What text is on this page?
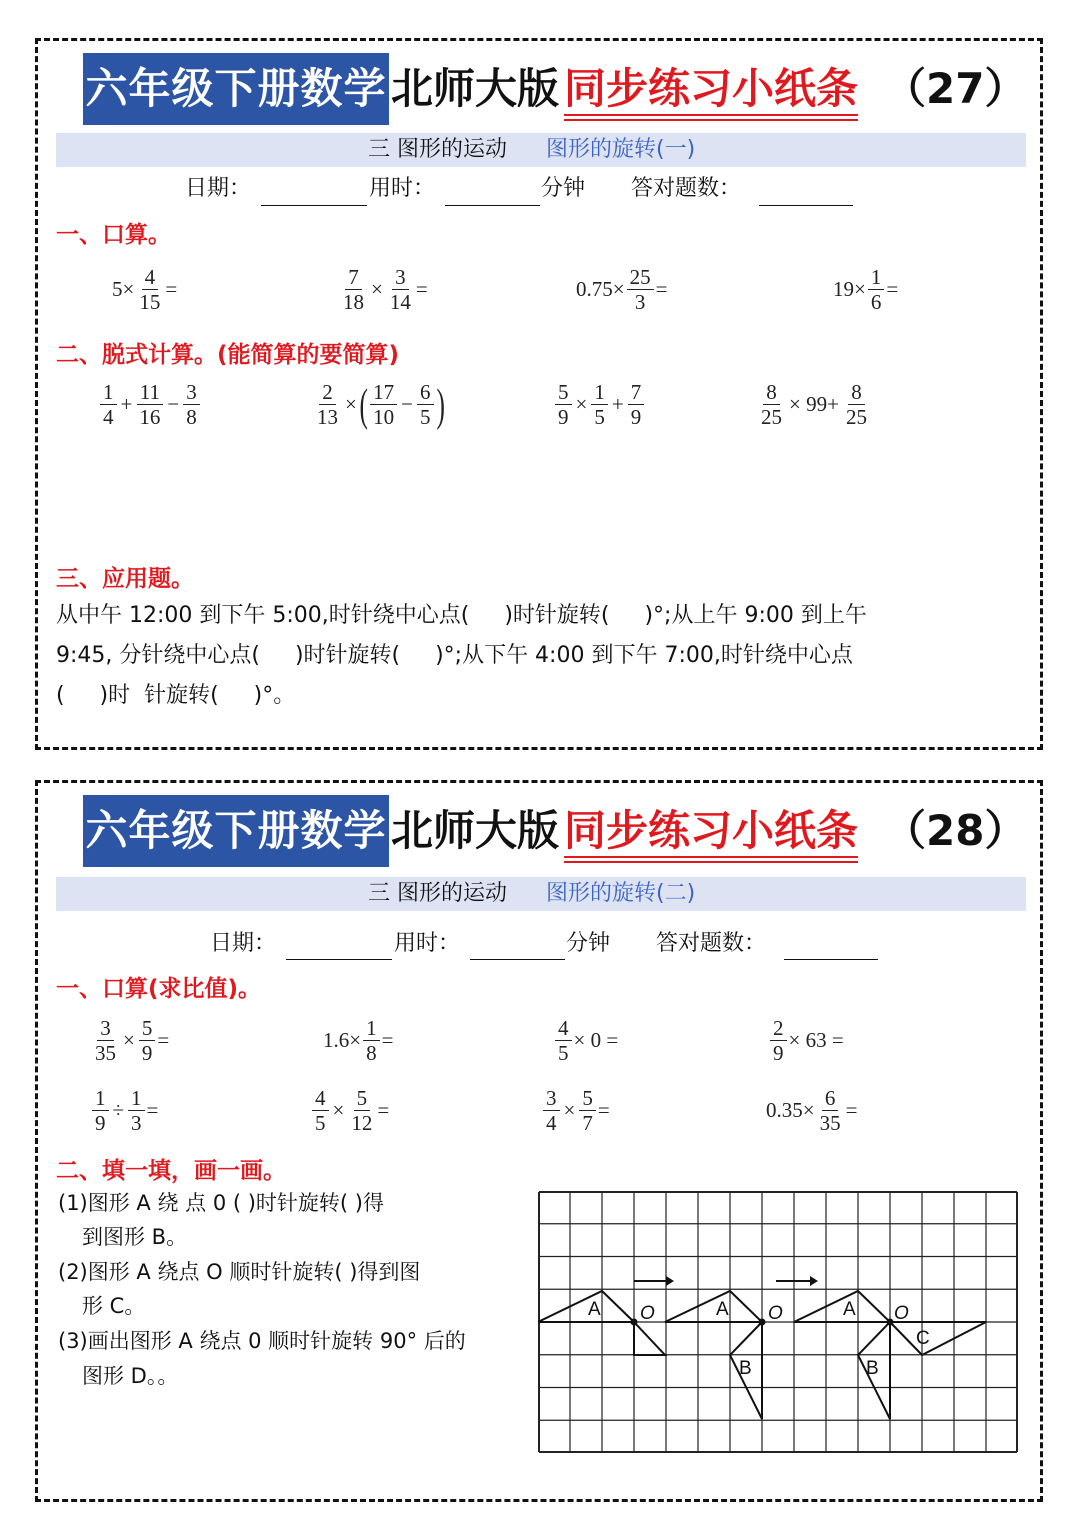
六年级下册数学 北师大版 同步练习小纸条 （27）
三 图形的运动 图形的旋转(一)
日期：	用时：	分钟 答对题数：
一、口算。
$5\times \frac{4}{15}$ =	$\frac{7}{18} \times \frac{3}{14}$ =	$0.75\times \frac{25}{3}$ =	$19\times \frac{1}{6}$ =
二、脱式计算。(能简算的要简算)
$\frac{1}{4} + \frac{11}{16} - \frac{3}{8}$	$\frac{2}{13}$ × ( $\frac{17}{10} - \frac{6}{5}$ )	$\frac{5}{9} \times \frac{1}{5} + \frac{7}{9}$	$\frac{8}{25} \times 99+ \frac{8}{25}$
三、应用题。
从中午 12:00 到下午 5:00,时针绕中心点(     )时针旋转(     )°;从上午 9:00 到上午
9:45, 分针绕中心点(     )时针旋转(     )°;从下午 4:00 到下午 7:00,时针绕中心点
(     )时  针旋转(     )°。
六年级下册数学 北师大版 同步练习小纸条 （28）
三 图形的运动 图形的旋转(二)
日期：	用时：	分钟 答对题数：
一、口算(求比值)。
$\frac{3}{35} \times \frac{5}{9}$ =	$1.6\times \frac{1}{8}$ =	$\frac{4}{5} \times 0$ =	$\frac{2}{9} \times 63$ =
$\frac{1}{9} \div \frac{1}{3}$ =	$\frac{4}{5} \times \frac{5}{12}$ =	$\frac{3}{4} \times \frac{5}{7}$ =	$0.35\times \frac{6}{35}$ =
二、填一填，画一画。
(1)图形 A 绕 点 0 ( )时针旋转( )得
到图形 B。
(2)图形 A 绕点 O 顺时针旋转( )得到图
形 C。
(3)画出图形 A 绕点 0 顺时针旋转 90° 后的
图形 D。。
A O	A O
B
A O
B
C
